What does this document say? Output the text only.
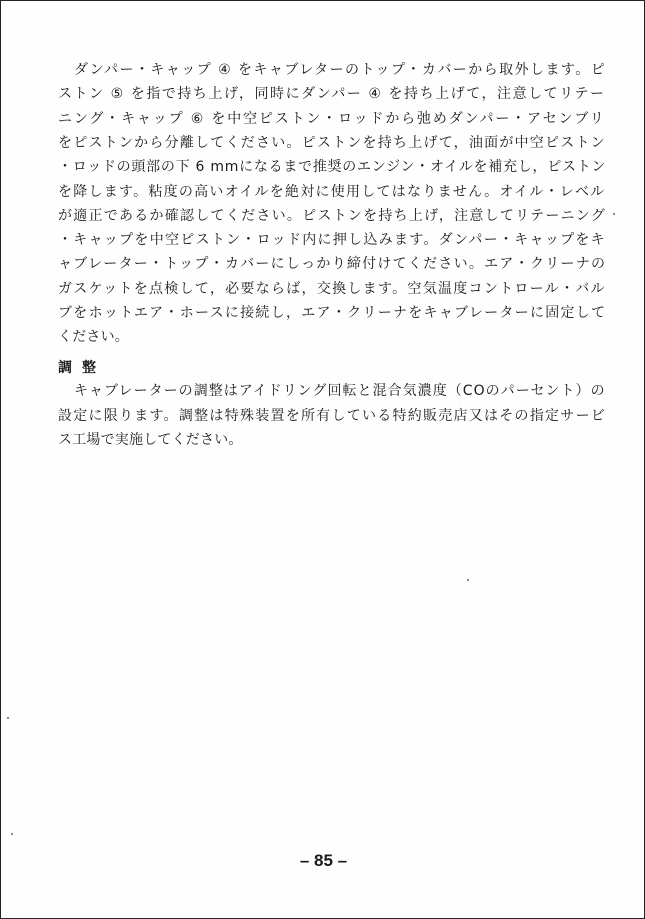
ダンパー・キャップ ④ をキャブレターのトップ・カバーから取外します。ピ
ストン ⑤ を指で持ち上げ，同時にダンパー ④ を持ち上げて，注意してリテー
ニング・キャップ ⑥ を中空ピストン・ロッドから弛めダンパー・アセンブリ
をピストンから分離してください。ピストンを持ち上げて，油面が中空ピストン
・ロッドの頭部の下 6 mmになるまで推奨のエンジン・オイルを補充し，ピストン
を降します。粘度の高いオイルを絶対に使用してはなりません。オイル・レベル
が適正であるか確認してください。ピストンを持ち上げ，注意してリテーニング
・キャップを中空ピストン・ロッド内に押し込みます。ダンパー・キャップをキ
ャブレーター・トップ・カバーにしっかり締付けてください。エア・クリーナの
ガスケットを点検して，必要ならば，交換します。空気温度コントロール・バル
ブをホットエア・ホースに接続し，エア・クリーナをキャブレーターに固定して
ください。
調整
キャブレーターの調整はアイドリング回転と混合気濃度（COのパーセント）の
設定に限ります。調整は特殊装置を所有している特約販売店又はその指定サービ
ス工場で実施してください。
– 85 –
